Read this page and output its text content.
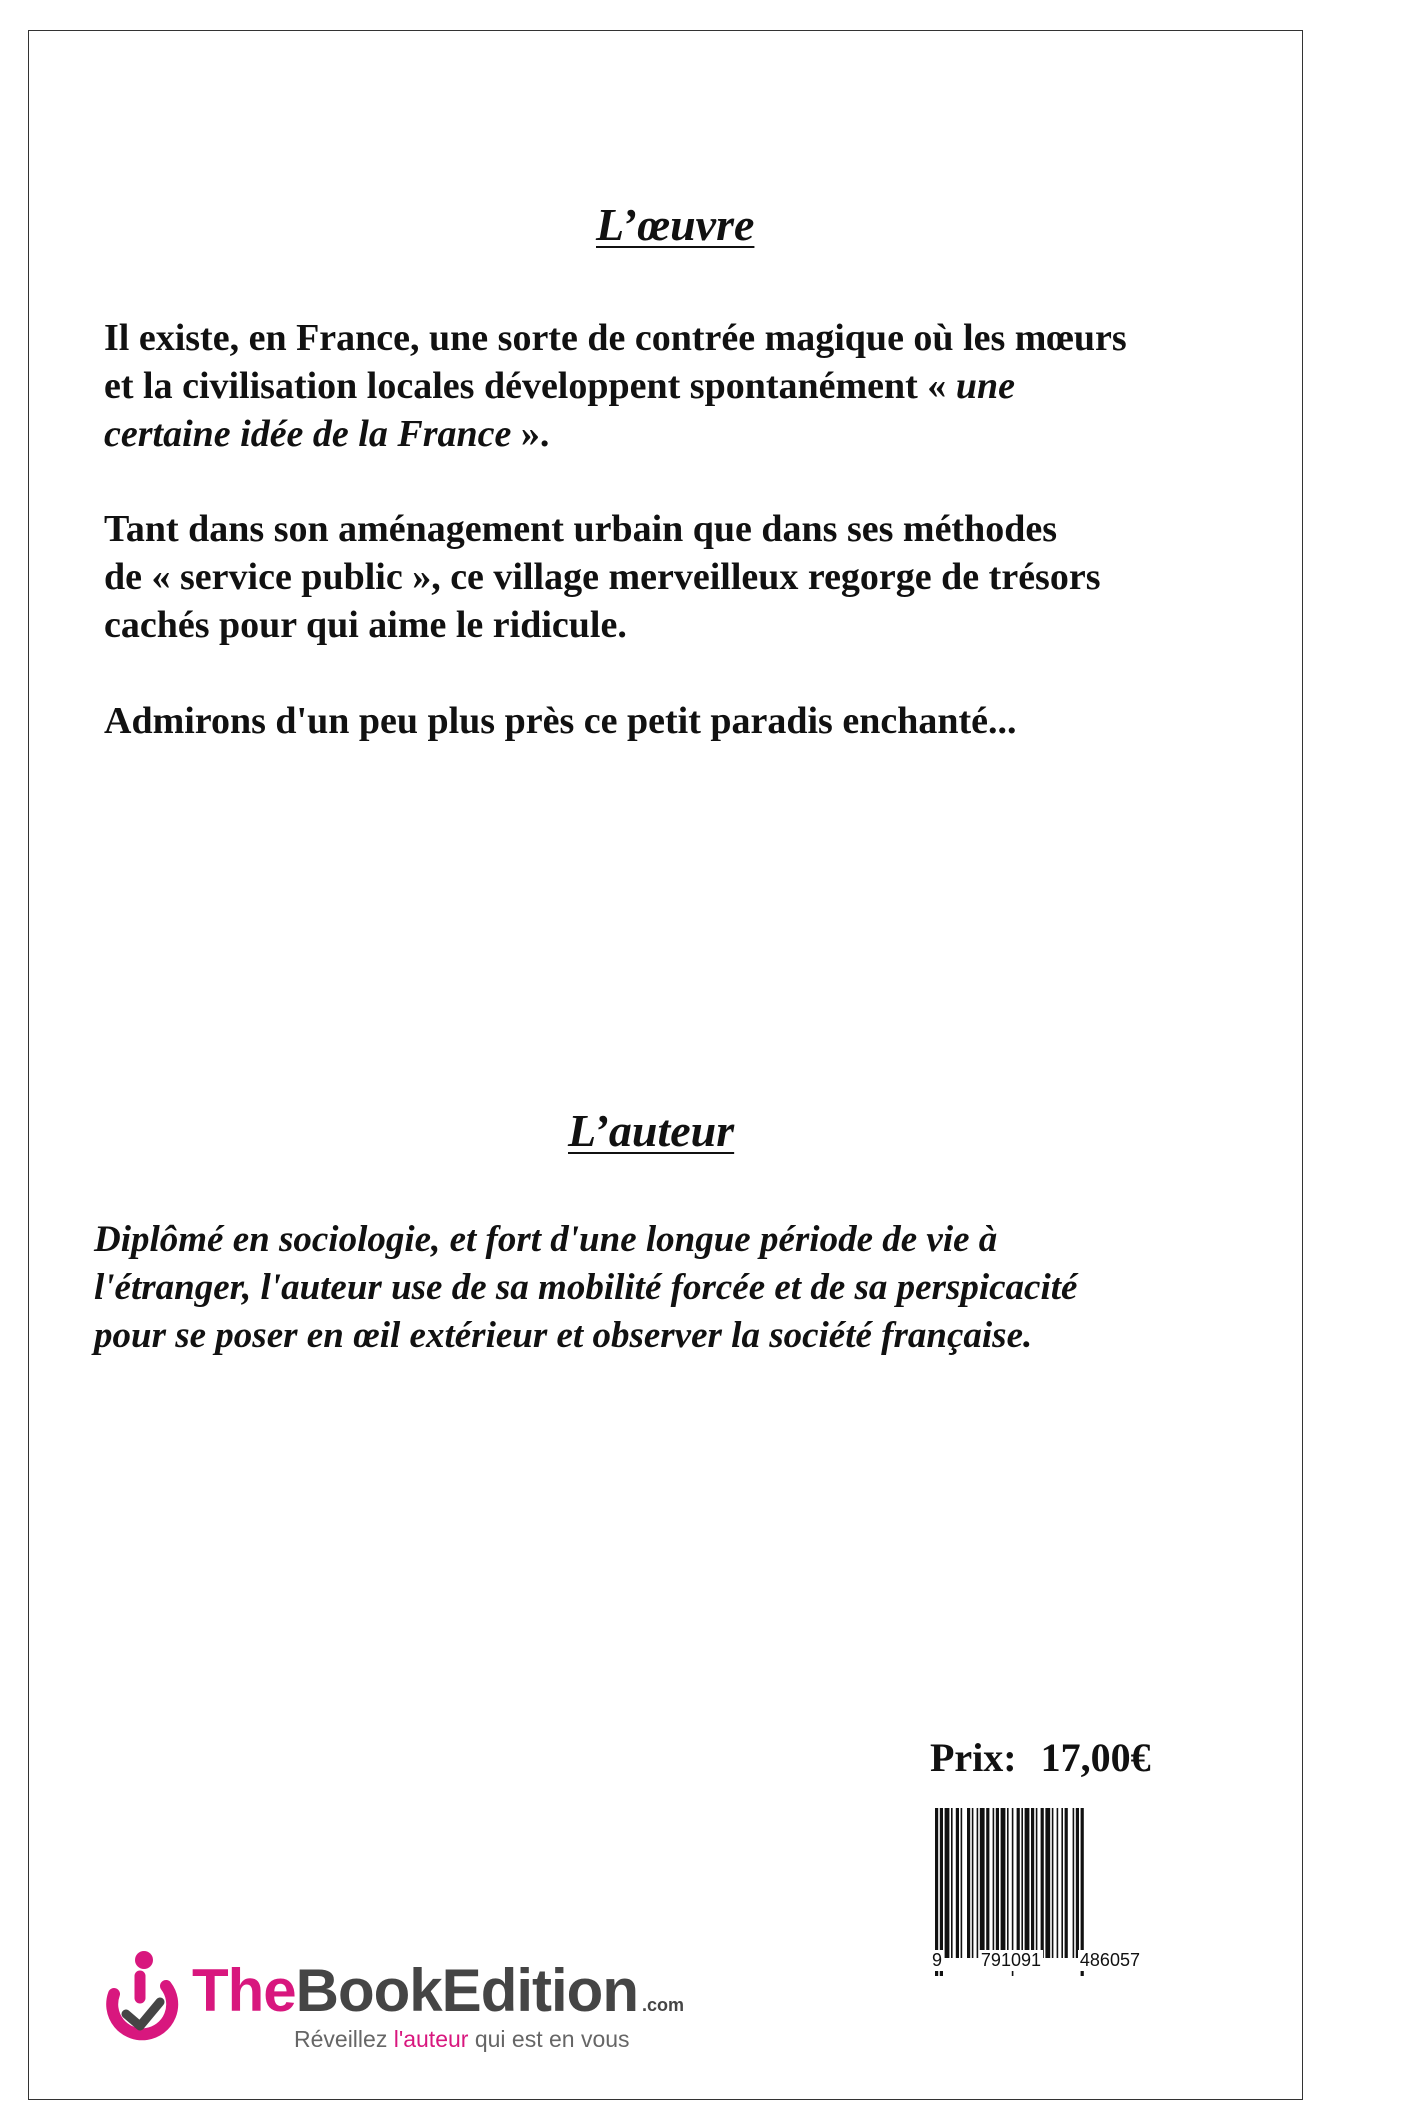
L’œuvre

Il existe, en France, une sorte de contrée magique où les mœurs
et la civilisation locales développent spontanément « une
certaine idée de la France ».

Tant dans son aménagement urbain que dans ses méthodes
de « service public », ce village merveilleux regorge de trésors
cachés pour qui aime le ridicule.

Admirons d'un peu plus près ce petit paradis enchanté...

L’auteur

Diplômé en sociologie, et fort d'une longue période de vie à
l'étranger, l'auteur use de sa mobilité forcée et de sa perspicacité
pour se poser en œil extérieur et observer la société française.

Prix: 17,00€
9 791091 486057
TheBookEdition .com
Réveillez l'auteur qui est en vous
